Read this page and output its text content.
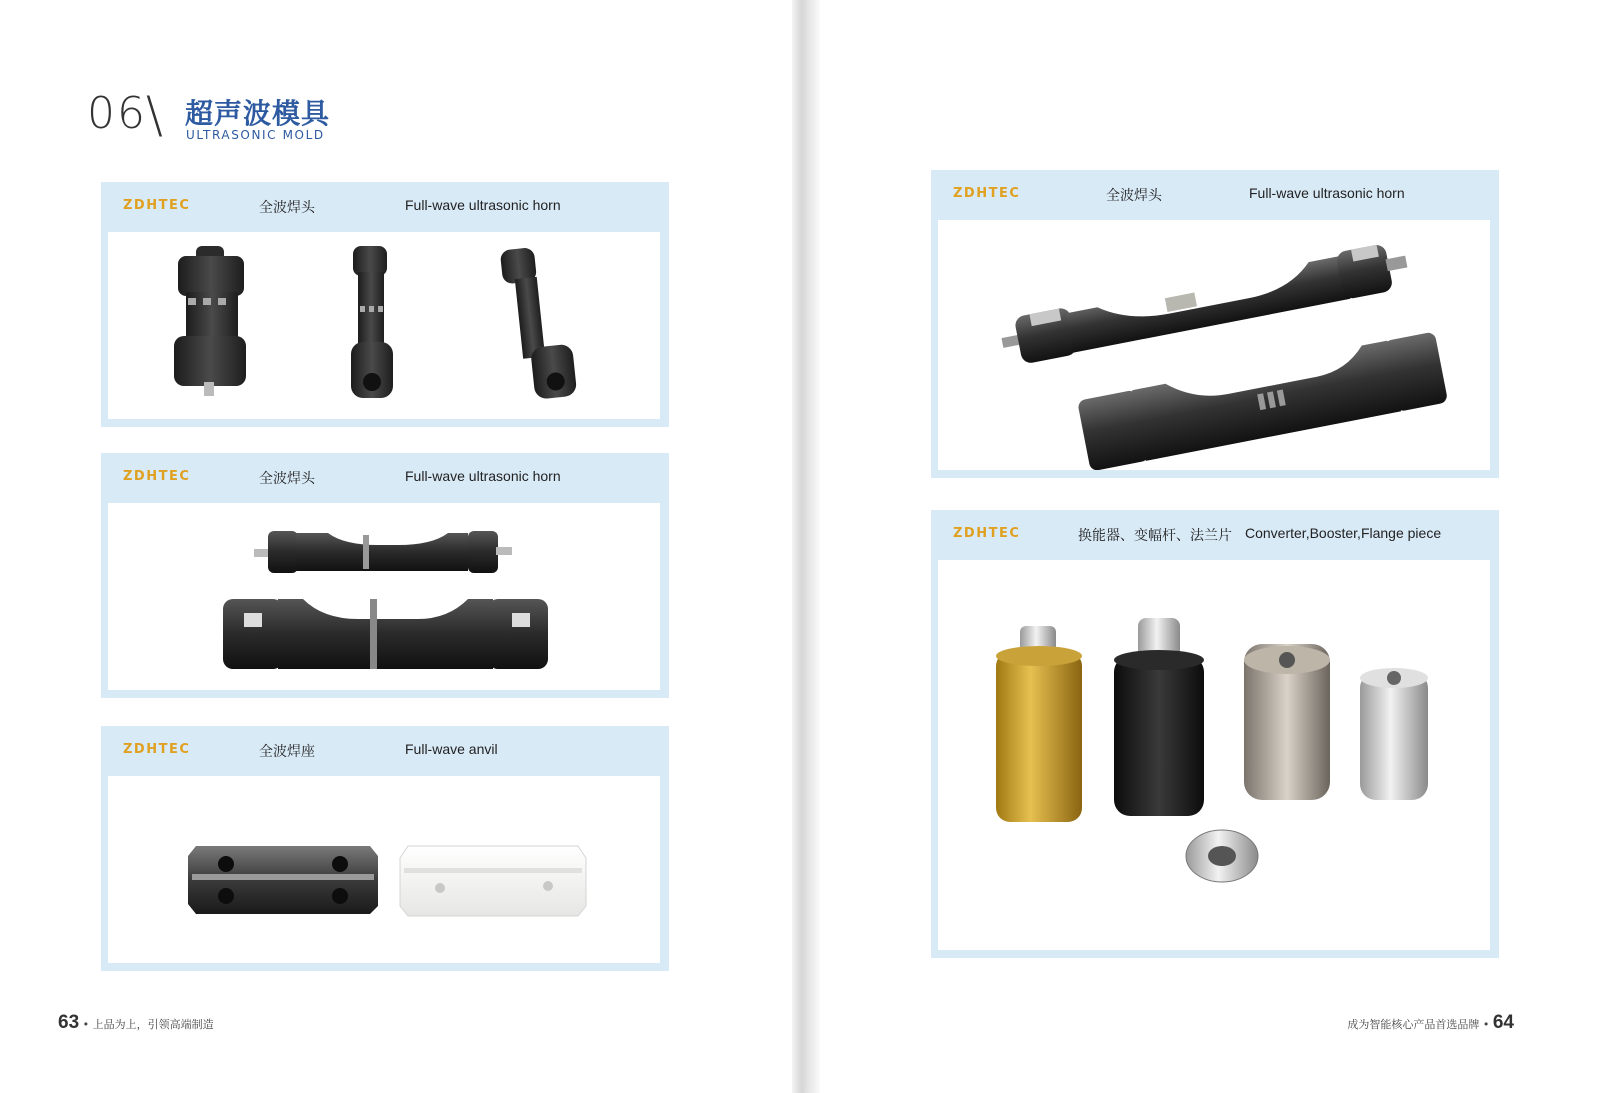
06 \ 超声波模具
ULTRASONIC MOLD
ZDHTEC	全波焊头	Full-wave ultrasonic horn
ZDHTEC	全波焊头	Full-wave ultrasonic horn
ZDHTEC	全波焊座	Full-wave anvil
ZDHTEC	全波焊头	Full-wave ultrasonic horn
ZDHTEC	换能器、变幅杆、法兰片 Converter,Booster,Flange piece
63 • 上品为上，引领高端制造	成为智能核心产品首选品牌 • 64
